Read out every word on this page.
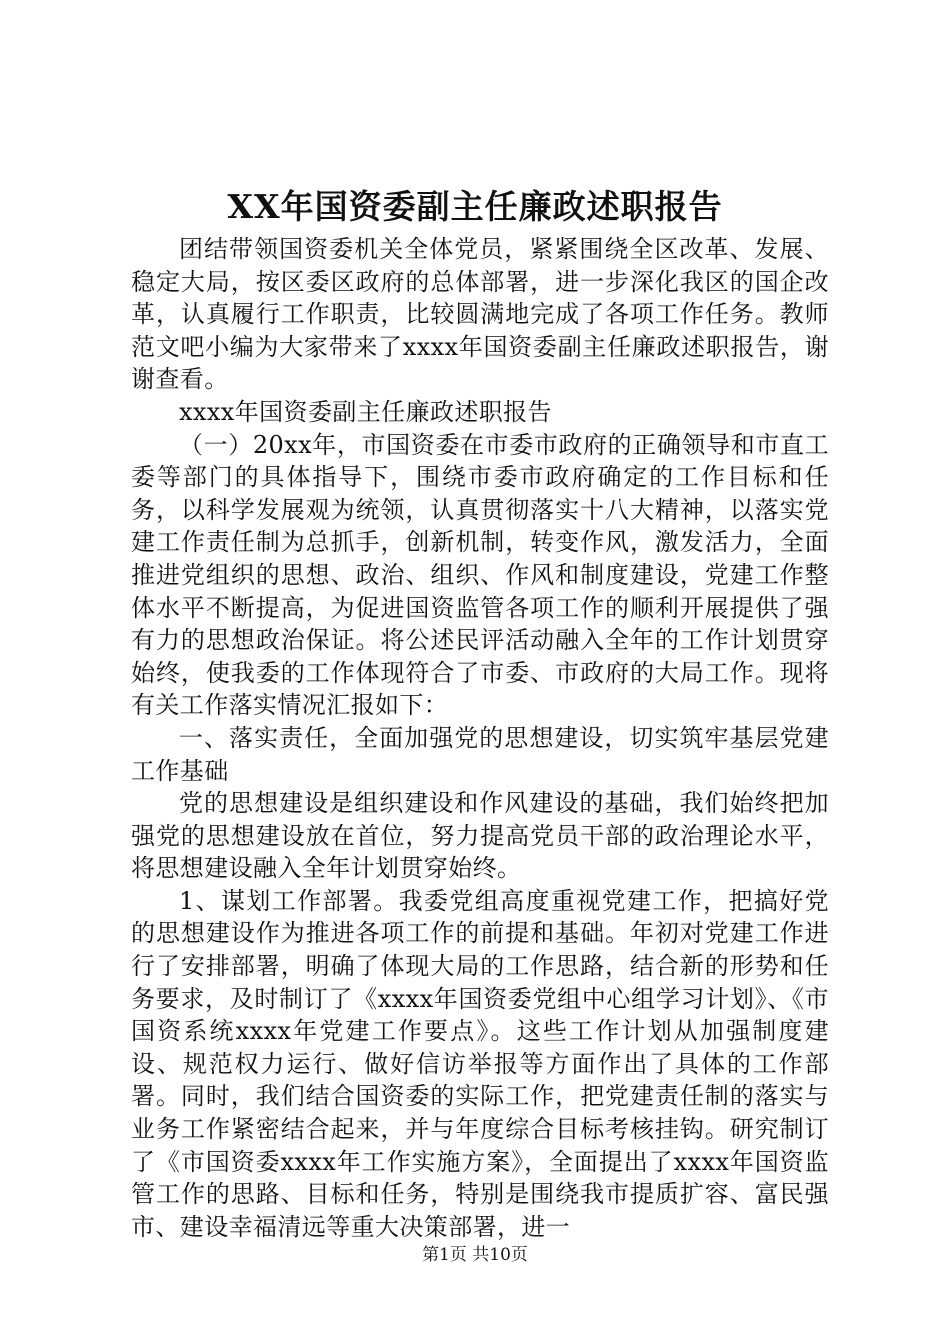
XX年国资委副主任廉政述职报告

团结带领国资委机关全体党员，紧紧围绕全区改革、发展、稳定大局，按区委区政府的总体部署，进一步深化我区的国企改革，认真履行工作职责，比较圆满地完成了各项工作任务。教师范文吧小编为大家带来了xxxx年国资委副主任廉政述职报告，谢谢查看。

xxxx年国资委副主任廉政述职报告

（一）20xx年，市国资委在市委市政府的正确领导和市直工委等部门的具体指导下，围绕市委市政府确定的工作目标和任务，以科学发展观为统领，认真贯彻落实十八大精神，以落实党建工作责任制为总抓手，创新机制，转变作风，激发活力，全面推进党组织的思想、政治、组织、作风和制度建设，党建工作整体水平不断提高，为促进国资监管各项工作的顺利开展提供了强有力的思想政治保证。将公述民评活动融入全年的工作计划贯穿始终，使我委的工作体现符合了市委、市政府的大局工作。现将有关工作落实情况汇报如下：

一、落实责任，全面加强党的思想建设，切实筑牢基层党建工作基础

党的思想建设是组织建设和作风建设的基础，我们始终把加强党的思想建设放在首位，努力提高党员干部的政治理论水平，将思想建设融入全年计划贯穿始终。

1、谋划工作部署。我委党组高度重视党建工作，把搞好党的思想建设作为推进各项工作的前提和基础。年初对党建工作进行了安排部署，明确了体现大局的工作思路，结合新的形势和任务要求，及时制订了《xxxx年国资委党组中心组学习计划》、《市国资系统xxxx年党建工作要点》。这些工作计划从加强制度建设、规范权力运行、做好信访举报等方面作出了具体的工作部署。同时，我们结合国资委的实际工作，把党建责任制的落实与业务工作紧密结合起来，并与年度综合目标考核挂钩。研究制订了《市国资委xxxx年工作实施方案》，全面提出了xxxx年国资监管工作的思路、目标和任务，特别是围绕我市提质扩容、富民强市、建设幸福清远等重大决策部署，进一

第1页 共10页
